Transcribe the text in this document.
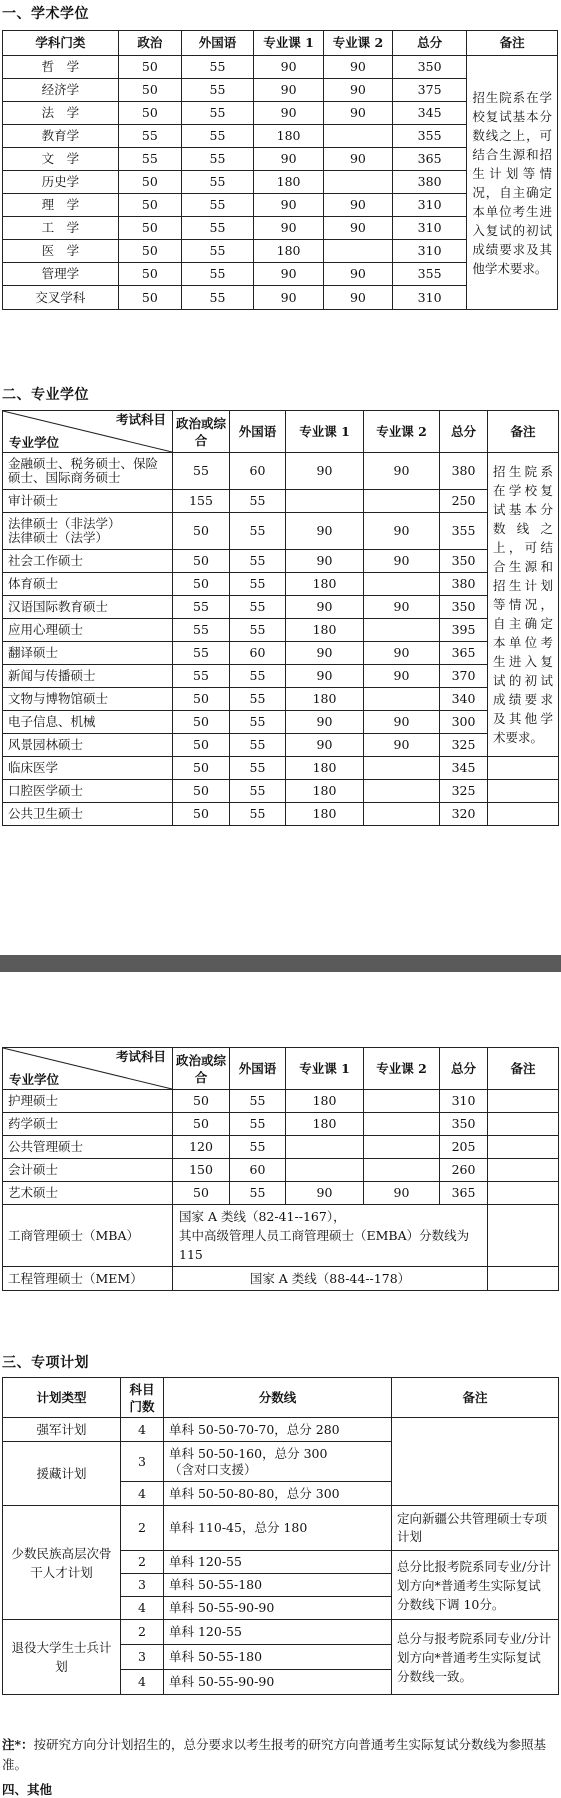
一、学术学位
学科门类	政治	外国语	专业课 1	专业课 2	总分	备注
哲　学	50	55	90	90	350	招生院系在学校复试基本分数线之上，可结合生源和招生计划等情况，自主确定本单位考生进入复试的初试成绩要求及其他学术要求。
经济学	50	55	90	90	375	
法　学	50	55	90	90	345	
教育学	55	55	180		355	
文　学	55	55	90	90	365	
历史学	50	55	180		380	
理　学	50	55	90	90	310	
工　学	50	55	90	90	310	
医　学	50	55	180		310	
管理学	50	55	90	90	355	
交叉学科	50	55	90	90	310	
二、专业学位
考试科目
专业学位	政治或综合	外国语	专业课 1	专业课 2	总分	备注
金融硕士、税务硕士、保险硕士、国际商务硕士	55	60	90	90	380	招生院系在学校复试基本分数线之上，可结合生源和招生计划等情况，自主确定本单位考生进入复试的初试成绩要求及其他学术要求。
审计硕士	155	55			250	
法律硕士（非法学）
法律硕士（法学）	50	55	90	90	355	
社会工作硕士	50	55	90	90	350	
体育硕士	50	55	180		380	
汉语国际教育硕士	55	55	90	90	350	
应用心理硕士	55	55	180		395	
翻译硕士	55	60	90	90	365	
新闻与传播硕士	55	55	90	90	370	
文物与博物馆硕士	50	55	180		340	
电子信息、机械	50	55	90	90	300	
风景园林硕士	50	55	90	90	325	
临床医学	50	55	180		345	
口腔医学硕士	50	55	180		325	
公共卫生硕士	50	55	180		320	
考试科目
专业学位	政治或综合	外国语	专业课 1	专业课 2	总分	备注
护理硕士	50	55	180		310	
药学硕士	50	55	180		350	
公共管理硕士	120	55			205	
会计硕士	150	60			260	
艺术硕士	50	55	90	90	365	
工商管理硕士（MBA）	国家 A 类线（82-41--167），
其中高级管理人员工商管理硕士（EMBA）分数线为 115					
工程管理硕士（MEM）	国家 A 类线（88-44--178）					
三、专项计划
计划类型	科目门数	分数线	备注
强军计划	4	单科 50-50-70-70，总分 280	
援藏计划	3	单科 50-50-160，总分 300
（含对口支援）	
	4	单科 50-50-80-80，总分 300	
少数民族高层次骨干人才计划	2	单科 110-45，总分 180	定向新疆公共管理硕士专项计划
	2	单科 120-55	总分比报考院系同专业/分计划方向*普通考生实际复试分数线下调 10分。
	3	单科 50-55-180	
	4	单科 50-55-90-90	
退役大学生士兵计划	2	单科 120-55	总分与报考院系同专业/分计划方向*普通考生实际复试分数线一致。
	3	单科 50-55-180	
	4	单科 50-55-90-90	
注*：按研究方向分计划招生的，总分要求以考生报考的研究方向普通考生实际复试分数线为参照基准。
四、其他
